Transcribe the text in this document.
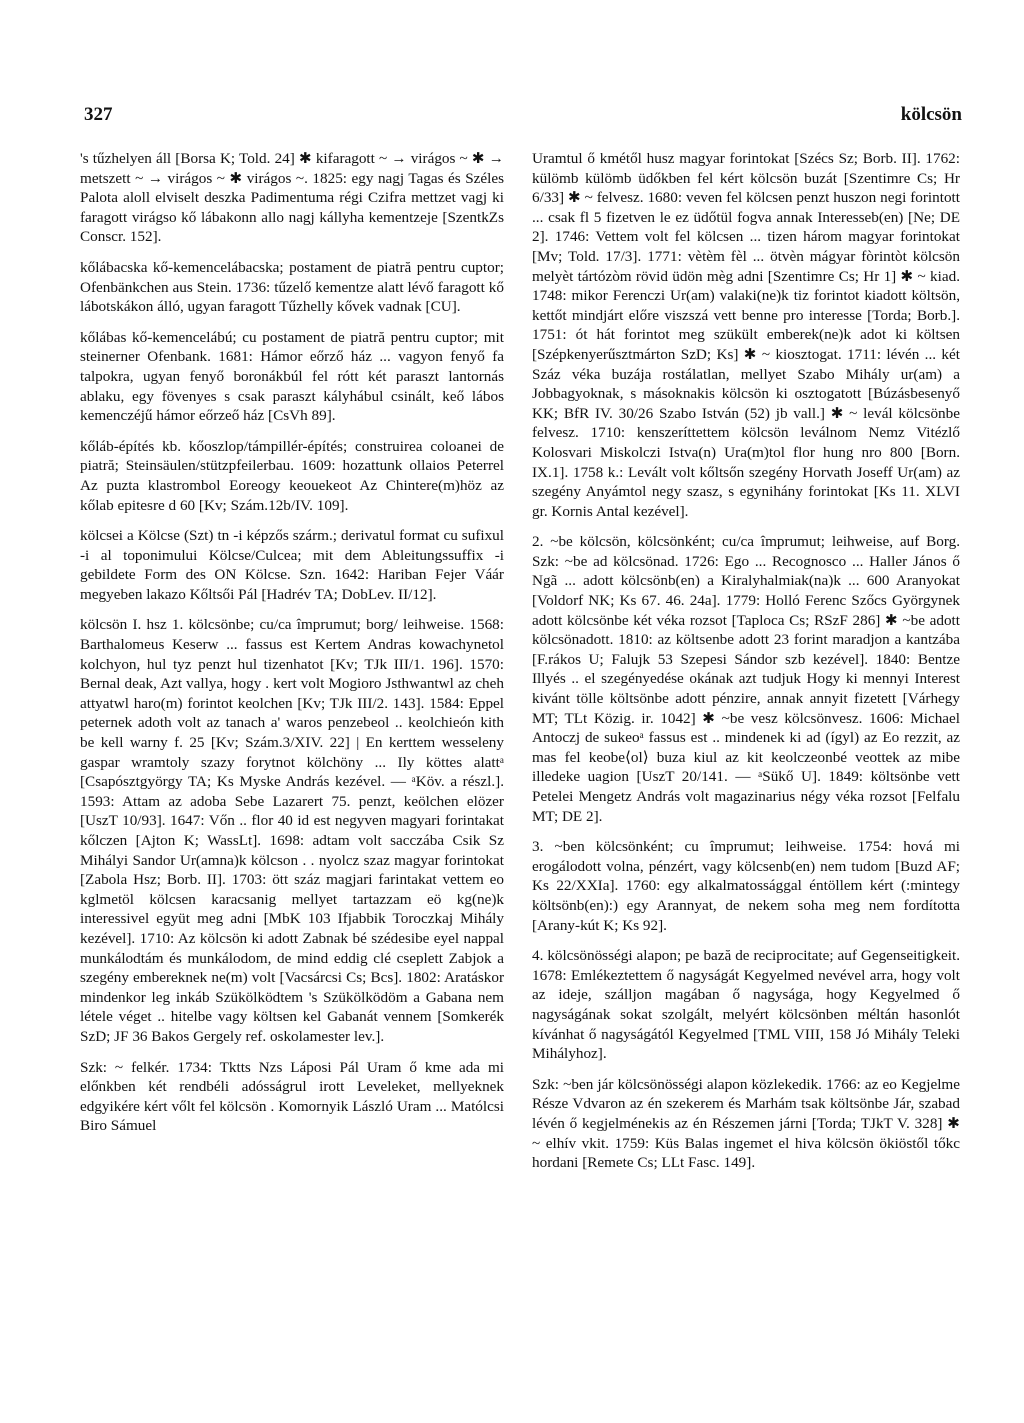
327	kölcsön

's tűzhelyen áll [Borsa K; Told. 24] ✱ kifaragott ~ → virágos ~ ✱ → metszett ~ → virágos ~ ✱ virágos ~. 1825: egy nagj Tagas és Széles Palota aloll elviselt deszka Padimentuma régi Czifra mettzet vagj ki faragott virágso kő lábakonn allo nagj kállyha kementzeje [SzentkZs Conscr. 152].

kőlábacska kő-kemencelábacska; postament de piatră pentru cuptor; Ofenbänkchen aus Stein. 1736: tűzelő kementze alatt lévő faragott kő lábotskákon álló, ugyan faragott Tűzhelly kővek vadnak [CU].

kőlábas kő-kemencelábú; cu postament de piatră pentru cuptor; mit steinerner Ofenbank. 1681: Hámor eőrző ház ... vagyon fenyő fa talpokra, ugyan fenyő boronákbúl fel rótt két paraszt lantornás ablaku, egy fövenyes s csak paraszt kályhábul csinált, keő lábos kemenczéjű hámor eőrzeő ház [CsVh 89].

kőláb-építés kb. kőoszlop/támpillér-építés; construirea coloanei de piatră; Steinsäulen/stützpfeilerbau. 1609: hozattunk ollaios Peterrel Az puzta klastrombol Eoreogy keouekeot Az Chintere(m)höz az kőlab epitesre d 60 [Kv; Szám.12b/IV. 109].

kölcsei a Kölcse (Szt) tn -i képzős szárm.; derivatul format cu sufixul -i al toponimului Kölcse/Culcea; mit dem Ableitungssuffix -i gebildete Form des ON Kölcse. Szn. 1642: Hariban Fejer Váár megyeben lakazo Kőltsői Pál [Hadrév TA; DobLev. II/12].

kölcsön I. hsz 1. kölcsönbe; cu/ca împrumut; borg/ leihweise. 1568: Barthalomeus Keserw ... fassus est Kertem Andras kowachynetol kolchyon, hul tyz penzt hul tizenhatot [Kv; TJk III/1. 196]. 1570: Bernal deak, Azt vallya, hogy . kert volt Mogioro Jsthwantwl az cheh attyatwl haro(m) forintot keolchen [Kv; TJk III/2. 143]. 1584: Eppel peternek adoth volt az tanach a' waros penzebeol .. keolchieón kith be kell warny f. 25 [Kv; Szám.3/XIV. 22] | En kerttem wesseleny gaspar wramtoly szazy forytnot kölchöny ... Ily köttes alattᵃ [Csapósztgyörgy TA; Ks Myske András kezével. — ᵃKöv. a részl.]. 1593: Attam az adoba Sebe Lazarert 75. penzt, keölchen elözer [UszT 10/93]. 1647: Vőn .. flor 40 id est negyven magyari forintakat kőlczen [Ajton K; WassLt]. 1698: adtam volt sacczába Csik Sz Mihályi Sandor Ur(amna)k kölcson . . nyolcz szaz magyar forintokat [Zabola Hsz; Borb. II]. 1703: ött száz magjari farintakat vettem eo kglmetöl kölcsen karacsanig mellyet tartazzam eö kg(ne)k interessivel együt meg adni [MbK 103 Ifjabbik Toroczkaj Mihály kezével]. 1710: Az kölcsön ki adott Zabnak bé szédesibe eyel nappal munkálodtám és munkálodom, de mind eddig clé cseplett Zabjok a szegény embereknek ne(m) volt [Vacsárcsi Cs; Bcs]. 1802: Aratáskor mindenkor leg inkáb Szükölködtem 's Szükölködöm a Gabana nem létele véget .. hitelbe vagy költsen kel Gabanát vennem [Somkerék SzD; JF 36 Bakos Gergely ref. oskolamester lev.].

Szk: ~ felkér. 1734: Tktts Nzs Láposi Pál Uram ő kme ada mi előnkben két rendbéli adósságrul irott Leveleket, mellyeknek edgyikére kért vőlt fel kölcsön . Komornyik László Uram ... Matólcsi Biro Sámuel

Uramtul ő kmétől husz magyar forintokat [Szécs Sz; Borb. II]. 1762: külömb külömb üdőkben fel kért kölcsön buzát [Szentimre Cs; Hr 6/33] ✱ ~ felvesz. 1680: veven fel kölcsen penzt huszon negi forintott ... csak fl 5 fizetven le ez üdőtül fogva annak Interesseb(en) [Ne; DE 2]. 1746: Vettem volt fel kölcsen ... tizen három magyar forintokat [Mv; Told. 17/3]. 1771: vètèm fèl ... ötvèn mágyar fòrintòt kölcsön melyèt tártózòm rövid üdön mèg adni [Szentimre Cs; Hr 1] ✱ ~ kiad. 1748: mikor Ferenczi Ur(am) valaki(ne)k tiz forintot kiadott költsön, kettőt mindjárt előre viszszá vett benne pro interesse [Torda; Borb.]. 1751: ót hát forintot meg szükült emberek(ne)k adot ki költsen [Szépkenyerűsztmárton SzD; Ks] ✱ ~ kiosztogat. 1711: lévén ... két Száz véka buzája rostálatlan, mellyet Szabo Mihály ur(am) a Jobbagyoknak, s másoknakis kölcsön ki osztogatott [Búzásbesenyő KK; BfR IV. 30/26 Szabo István (52) jb vall.] ✱ ~ levál kölcsönbe felvesz. 1710: kenszeríttettem kölcsön leválnom Nemz Vitézlő Kolosvari Miskolczi Istva(n) Ura(m)tol flor hung nro 800 [Born. IX.1]. 1758 k.: Levált volt kőltsőn szegény Horvath Joseff Ur(am) az szegény Anyámtol negy szasz, s egynihány forintokat [Ks 11. XLVI gr. Kornis Antal kezével].

2. ~be kölcsön, kölcsönként; cu/ca împrumut; leihweise, auf Borg. Szk: ~be ad kölcsönad. 1726: Ego ... Recognosco ... Haller János ő Ngã ... adott kölcsönb(en) a Kiralyhalmiak(na)k ... 600 Aranyokat [Voldorf NK; Ks 67. 46. 24a]. 1779: Holló Ferenc Szőcs Györgynek adott kölcsönbe két véka rozsot [Taploca Cs; RSzF 286] ✱ ~be adott kölcsönadott. 1810: az költsenbe adott 23 forint maradjon a kantzába [F.rákos U; Falujk 53 Szepesi Sándor szb kezével]. 1840: Bentze Illyés .. el szegényedése okának azt tudjuk Hogy ki mennyi Interest kivánt tölle költsönbe adott pénzire, annak annyit fizetett [Várhegy MT; TLt Közig. ir. 1042] ✱ ~be vesz kölcsönvesz. 1606: Michael Antoczj de sukeoᵃ fassus est .. mindenek ki ad (ígyl) az Eo rezzit, az mas fel keobe⟨ol⟩ buza kiul az kit keolczeonbé veottek az mibe illedeke uagion [UszT 20/141. — ᵃSükő U]. 1849: költsönbe vett Petelei Mengetz András volt magazinarius négy véka rozsot [Felfalu MT; DE 2].

3. ~ben kölcsönként; cu împrumut; leihweise. 1754: hová mi erogálodott volna, pénzért, vagy kölcsenb(en) nem tudom [Buzd AF; Ks 22/XXIa]. 1760: egy alkalmatossággal éntöllem kért (:mintegy költsönb(en):) egy Arannyat, de nekem soha meg nem fordította [Arany-kút K; Ks 92].

4. kölcsönösségi alapon; pe bază de reciprocitate; auf Gegenseitigkeit. 1678: Emlékeztettem ő nagyságát Kegyelmed nevével arra, hogy volt az ideje, szálljon magában ő nagysága, hogy Kegyelmed ő nagyságának sokat szolgált, melyért kölcsönben méltán hasonlót kívánhat ő nagyságától Kegyelmed [TML VIII, 158 Jó Mihály Teleki Mihályhoz].

Szk: ~ben jár kölcsönösségi alapon közlekedik. 1766: az eo Kegjelme Része Vdvaron az én szekerem és Marhám tsak költsönbe Jár, szabad lévén ő kegjelménekis az én Részemen járni [Torda; TJkT V. 328] ✱ ~ elhív vkit. 1759: Küs Balas ingemet el hiva kölcsön ökiöstől tőkc hordani [Remete Cs; LLt Fasc. 149].
